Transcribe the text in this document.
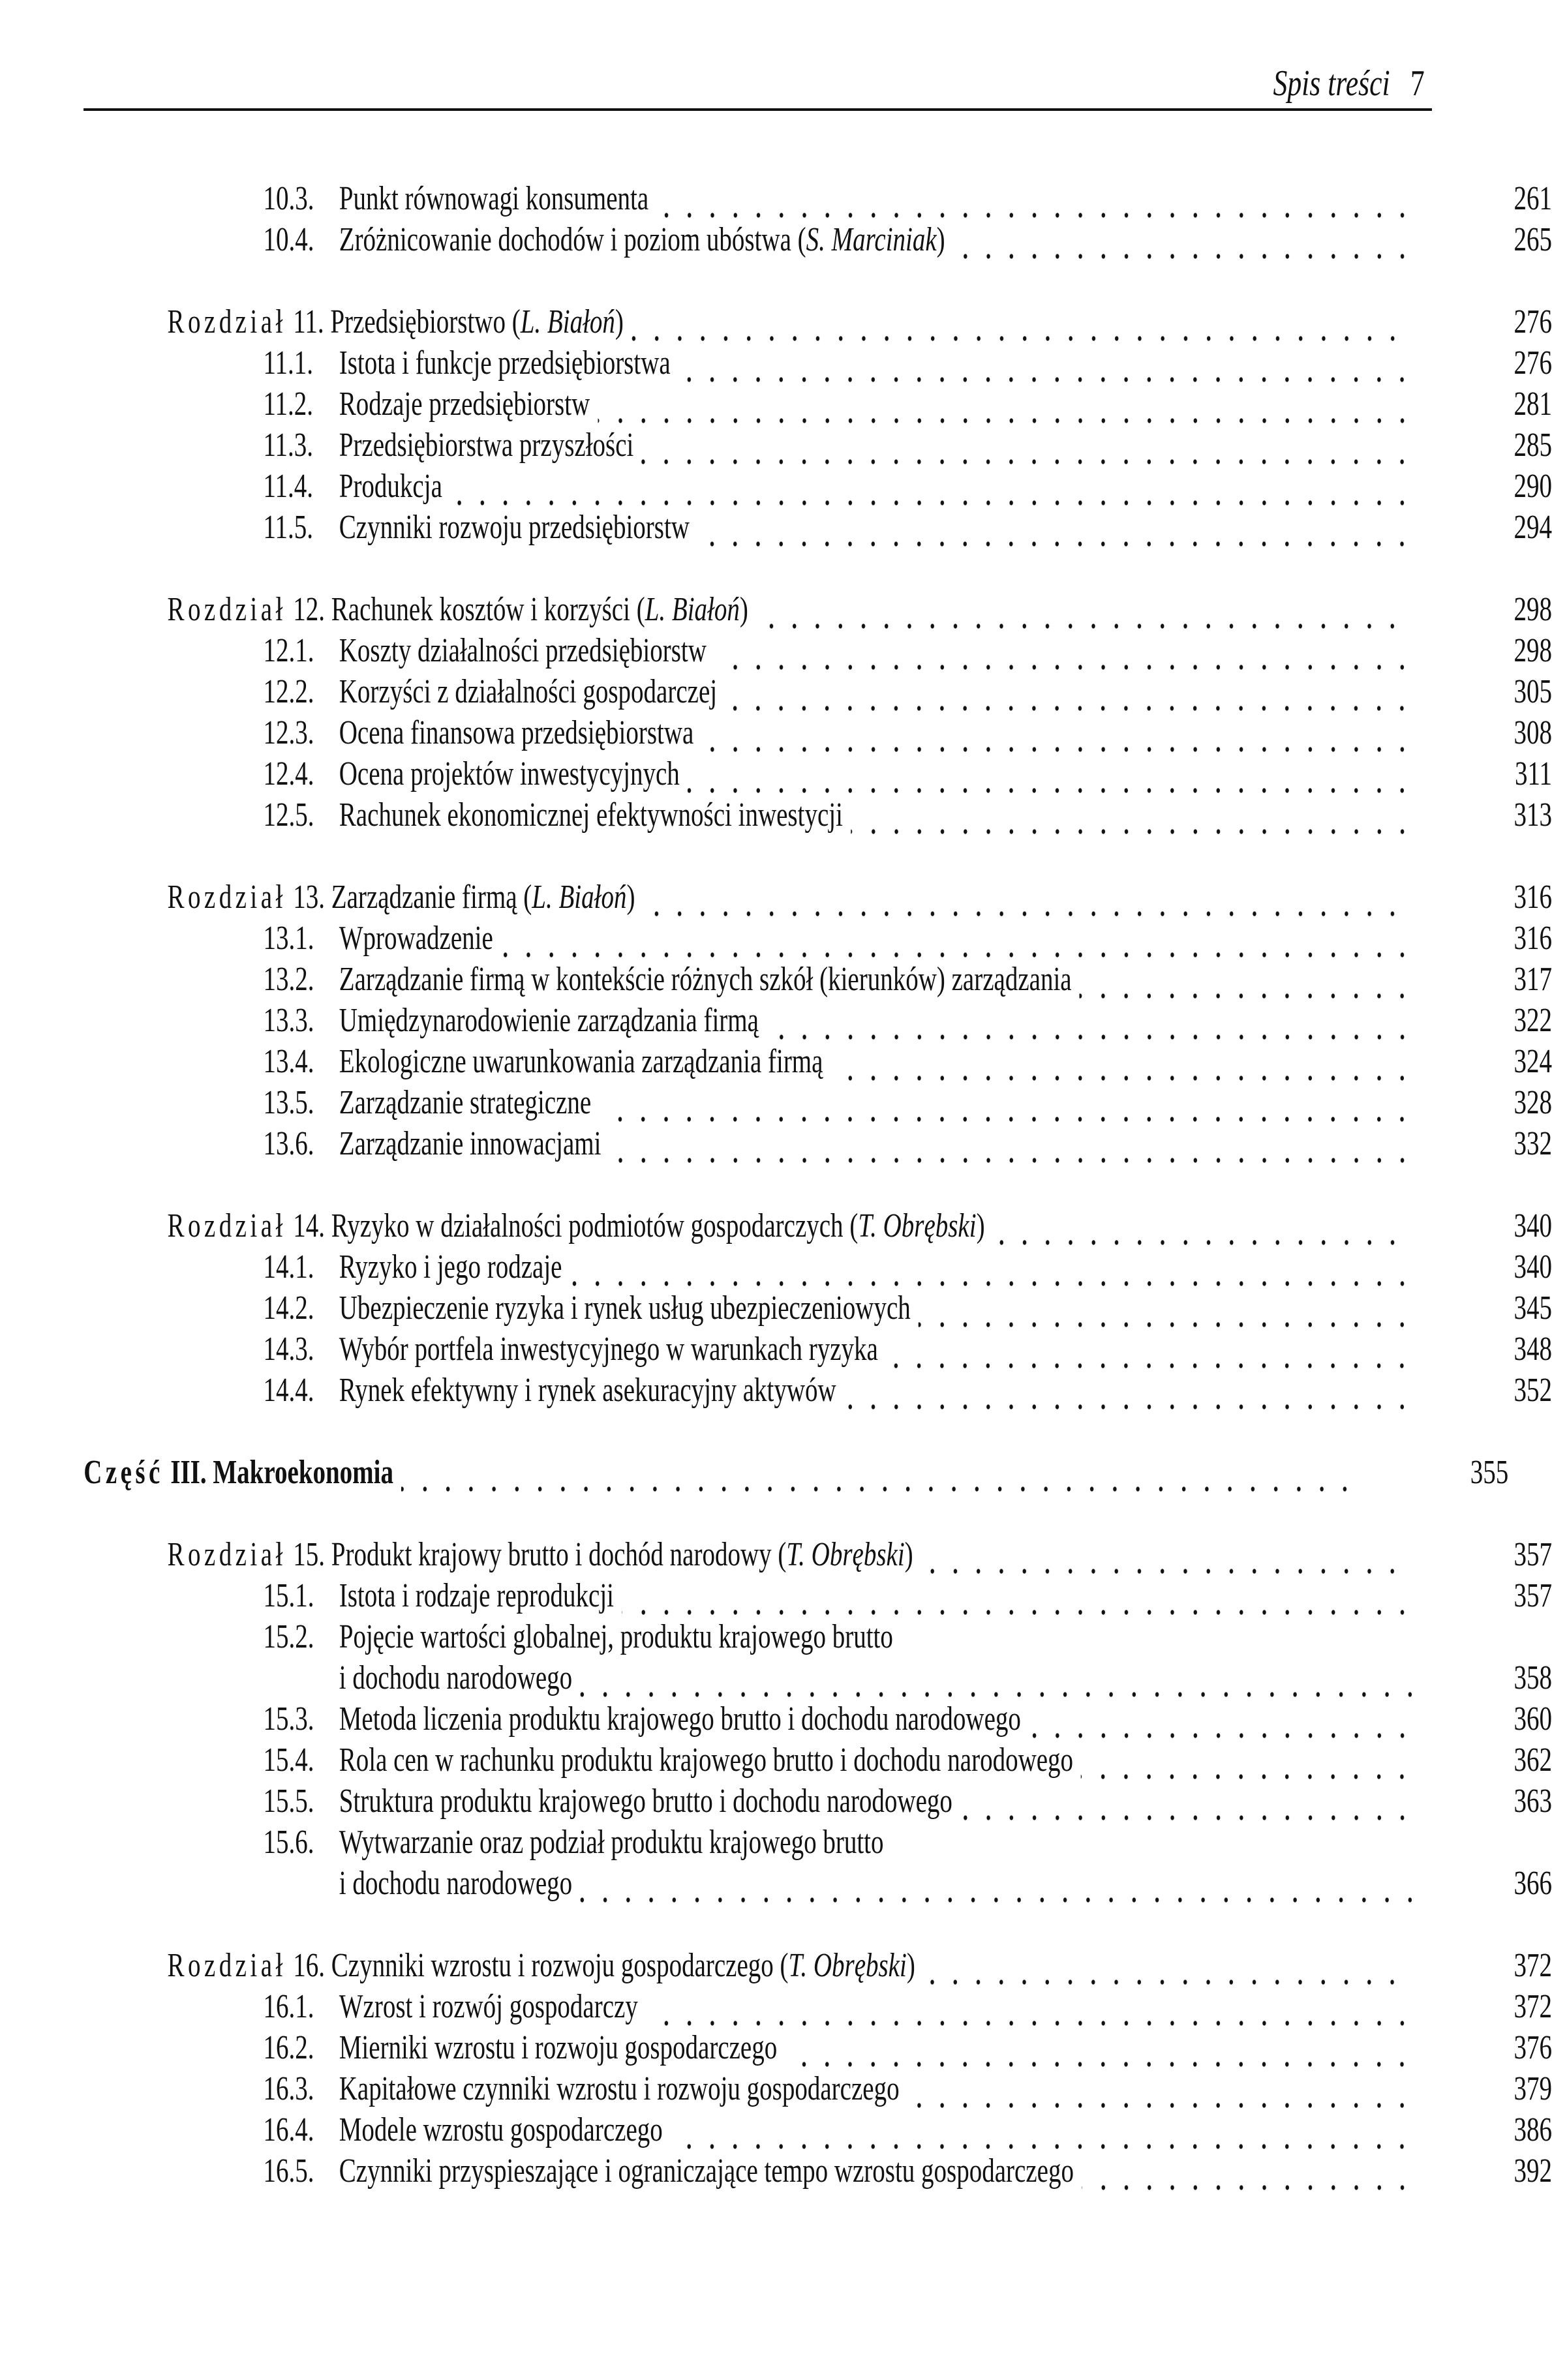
Spis treści 7
10.3. Punkt równowagi konsumenta	261
10.4. Zróżnicowanie dochodów i poziom ubóstwa (S. Marciniak)	265
Rozdział 11. Przedsiębiorstwo (L. Białoń)	276
11.1. Istota i funkcje przedsiębiorstwa	276
11.2. Rodzaje przedsiębiorstw	281
11.3. Przedsiębiorstwa przyszłości	285
11.4. Produkcja	290
11.5. Czynniki rozwoju przedsiębiorstw	294
Rozdział 12. Rachunek kosztów i korzyści (L. Białoń)	298
12.1. Koszty działalności przedsiębiorstw	298
12.2. Korzyści z działalności gospodarczej	305
12.3. Ocena finansowa przedsiębiorstwa	308
12.4. Ocena projektów inwestycyjnych	311
12.5. Rachunek ekonomicznej efektywności inwestycji	313
Rozdział 13. Zarządzanie firmą (L. Białoń)	316
13.1. Wprowadzenie	316
13.2. Zarządzanie firmą w kontekście różnych szkół (kierunków) zarządzania	317
13.3. Umiędzynarodowienie zarządzania firmą	322
13.4. Ekologiczne uwarunkowania zarządzania firmą	324
13.5. Zarządzanie strategiczne	328
13.6. Zarządzanie innowacjami	332
Rozdział 14. Ryzyko w działalności podmiotów gospodarczych (T. Obrębski)	340
14.1. Ryzyko i jego rodzaje	340
14.2. Ubezpieczenie ryzyka i rynek usług ubezpieczeniowych	345
14.3. Wybór portfela inwestycyjnego w warunkach ryzyka	348
14.4. Rynek efektywny i rynek asekuracyjny aktywów	352
Część III. Makroekonomia	355
Rozdział 15. Produkt krajowy brutto i dochód narodowy (T. Obrębski)	357
15.1. Istota i rodzaje reprodukcji	357
15.2. Pojęcie wartości globalnej, produktu krajowego brutto
i dochodu narodowego	358
15.3. Metoda liczenia produktu krajowego brutto i dochodu narodowego	360
15.4. Rola cen w rachunku produktu krajowego brutto i dochodu narodowego	362
15.5. Struktura produktu krajowego brutto i dochodu narodowego	363
15.6. Wytwarzanie oraz podział produktu krajowego brutto
i dochodu narodowego	366
Rozdział 16. Czynniki wzrostu i rozwoju gospodarczego (T. Obrębski)	372
16.1. Wzrost i rozwój gospodarczy	372
16.2. Mierniki wzrostu i rozwoju gospodarczego	376
16.3. Kapitałowe czynniki wzrostu i rozwoju gospodarczego	379
16.4. Modele wzrostu gospodarczego	386
16.5. Czynniki przyspieszające i ograniczające tempo wzrostu gospodarczego	392
